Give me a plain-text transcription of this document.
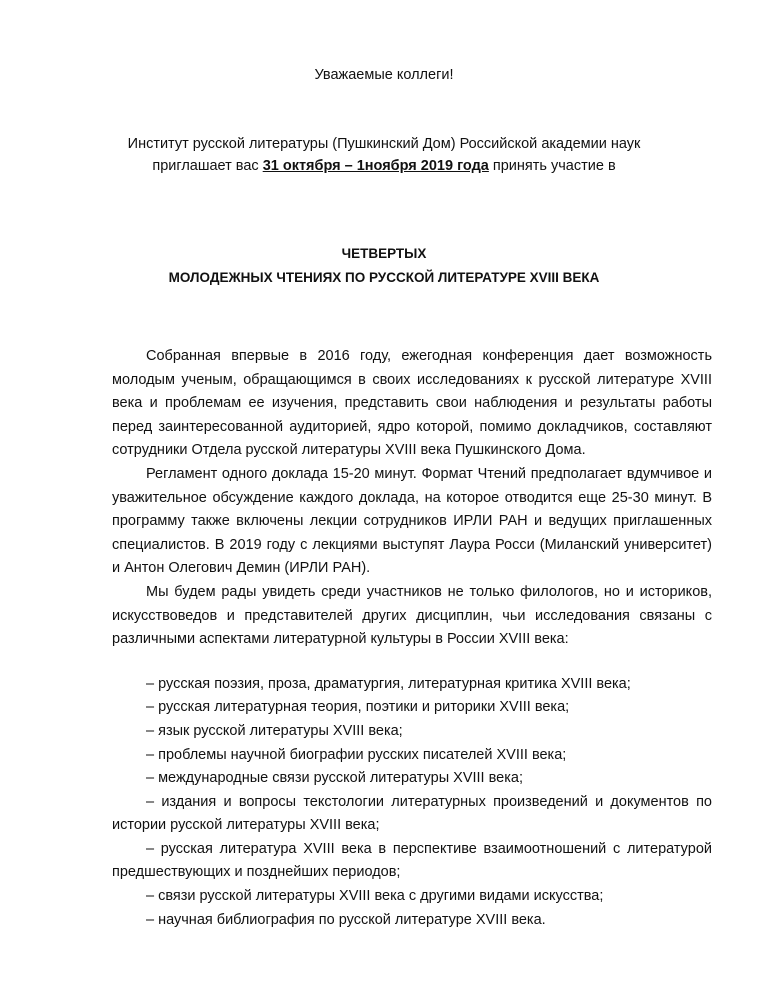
Уважаемые коллеги!
Институт русской литературы (Пушкинский Дом) Российской академии наук
приглашает вас 31 октября – 1ноября 2019 года принять участие в
ЧЕТВЕРТЫХ
МОЛОДЕЖНЫХ ЧТЕНИЯХ ПО РУССКОЙ ЛИТЕРАТУРЕ XVIII ВЕКА

Собранная впервые в 2016 году, ежегодная конференция дает возможность молодым ученым, обращающимся в своих исследованиях к русской литературе XVIII века и проблемам ее изучения, представить свои наблюдения и результаты работы перед заинтересованной аудиторией, ядро которой, помимо докладчиков, составляют сотрудники Отдела русской литературы XVIII века Пушкинского Дома.

Регламент одного доклада 15-20 минут. Формат Чтений предполагает вдумчивое и уважительное обсуждение каждого доклада, на которое отводится еще 25-30 минут. В программу также включены лекции сотрудников ИРЛИ РАН и ведущих приглашенных специалистов. В 2019 году с лекциями выступят Лаура Росси (Миланский университет) и Антон Олегович Демин (ИРЛИ РАН).

Мы будем рады увидеть среди участников не только филологов, но и историков, искусствоведов и представителей других дисциплин, чьи исследования связаны с различными аспектами литературной культуры в России XVIII века:

– русская поэзия, проза, драматургия, литературная критика XVIII века;

– русская литературная теория, поэтики и риторики XVIII века;

– язык русской литературы XVIII века;

– проблемы научной биографии русских писателей XVIII века;

– международные связи русской литературы XVIII века;

– издания и вопросы текстологии литературных произведений и документов по истории русской литературы XVIII века;

– русская литература XVIII века в перспективе взаимоотношений с литературой предшествующих и позднейших периодов;

– связи русской литературы XVIII века с другими видами искусства;

– научная библиография по русской литературе XVIII века.
